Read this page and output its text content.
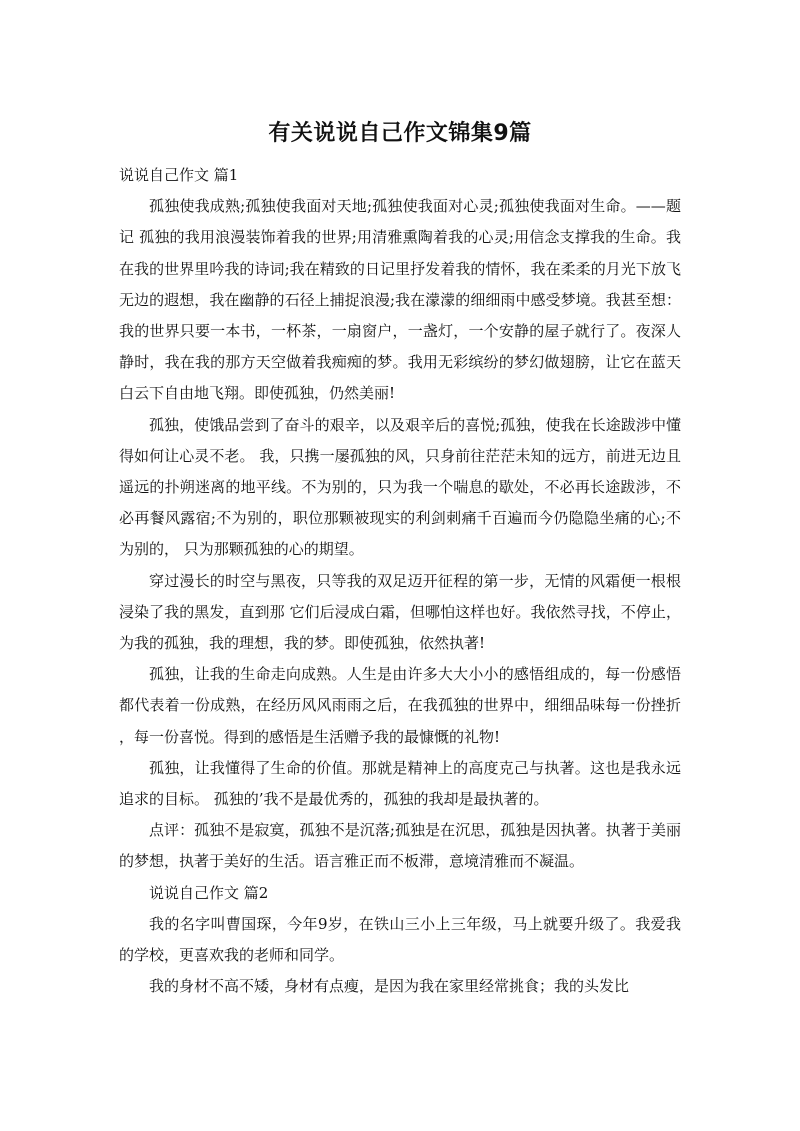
有关说说自己作文锦集9篇

说说自己作文 篇1

孤独使我成熟;孤独使我面对天地;孤独使我面对心灵;孤独使我面对生命。——题记 孤独的我用浪漫装饰着我的世界;用清雅熏陶着我的心灵;用信念支撑我的生命。我在我的世界里吟我的诗词;我在精致的日记里抒发着我的情怀，我在柔柔的月光下放飞 无边的遐想，我在幽静的石径上捕捉浪漫;我在濛濛的细细雨中感受梦境。我甚至想：我的世界只要一本书，一杯茶，一扇窗户，一盏灯，一个安静的屋子就行了。夜深人静时，我在我的那方天空做着我痴痴的梦。我用无彩缤纷的梦幻做翅膀，让它在蓝天白云下自由地飞翔。即使孤独，仍然美丽!

孤独，使饿品尝到了奋斗的艰辛，以及艰辛后的喜悦;孤独，使我在长途跋涉中懂得如何让心灵不老。 我，只携一屡孤独的风，只身前往茫茫未知的远方，前进无边且遥远的扑朔迷离的地平线。不为别的，只为我一个喘息的歇处，不必再长途跋涉，不必再餐风露宿;不为别的，职位那颗被现实的利剑刺痛千百遍而今仍隐隐坐痛的心;不为别的， 只为那颗孤独的心的期望。

穿过漫长的时空与黑夜，只等我的双足迈开征程的第一步，无情的风霜便一根根浸染了我的黑发，直到那 它们后浸成白霜，但哪怕这样也好。我依然寻找，不停止，为我的孤独，我的理想，我的梦。即使孤独，依然执著!

孤独，让我的生命走向成熟。人生是由许多大大小小的感悟组成的，每一份感悟都代表着一份成熟，在经历风风雨雨之后，在我孤独的世界中，细细品味每一份挫折，每一份喜悦。得到的感悟是生活赠予我的最慷慨的礼物!

孤独，让我懂得了生命的价值。那就是精神上的高度克己与执著。这也是我永远追求的目标。 孤独的’我不是最优秀的，孤独的我却是最执著的。

点评：孤独不是寂寞，孤独不是沉落;孤独是在沉思，孤独是因执著。执著于美丽的梦想，执著于美好的生活。语言雅正而不板滞，意境清雅而不凝温。

说说自己作文 篇2

我的名字叫曹国琛，今年9岁，在铁山三小上三年级，马上就要升级了。我爱我的学校，更喜欢我的老师和同学。

我的身材不高不矮，身材有点瘦，是因为我在家里经常挑食；我的头发比
